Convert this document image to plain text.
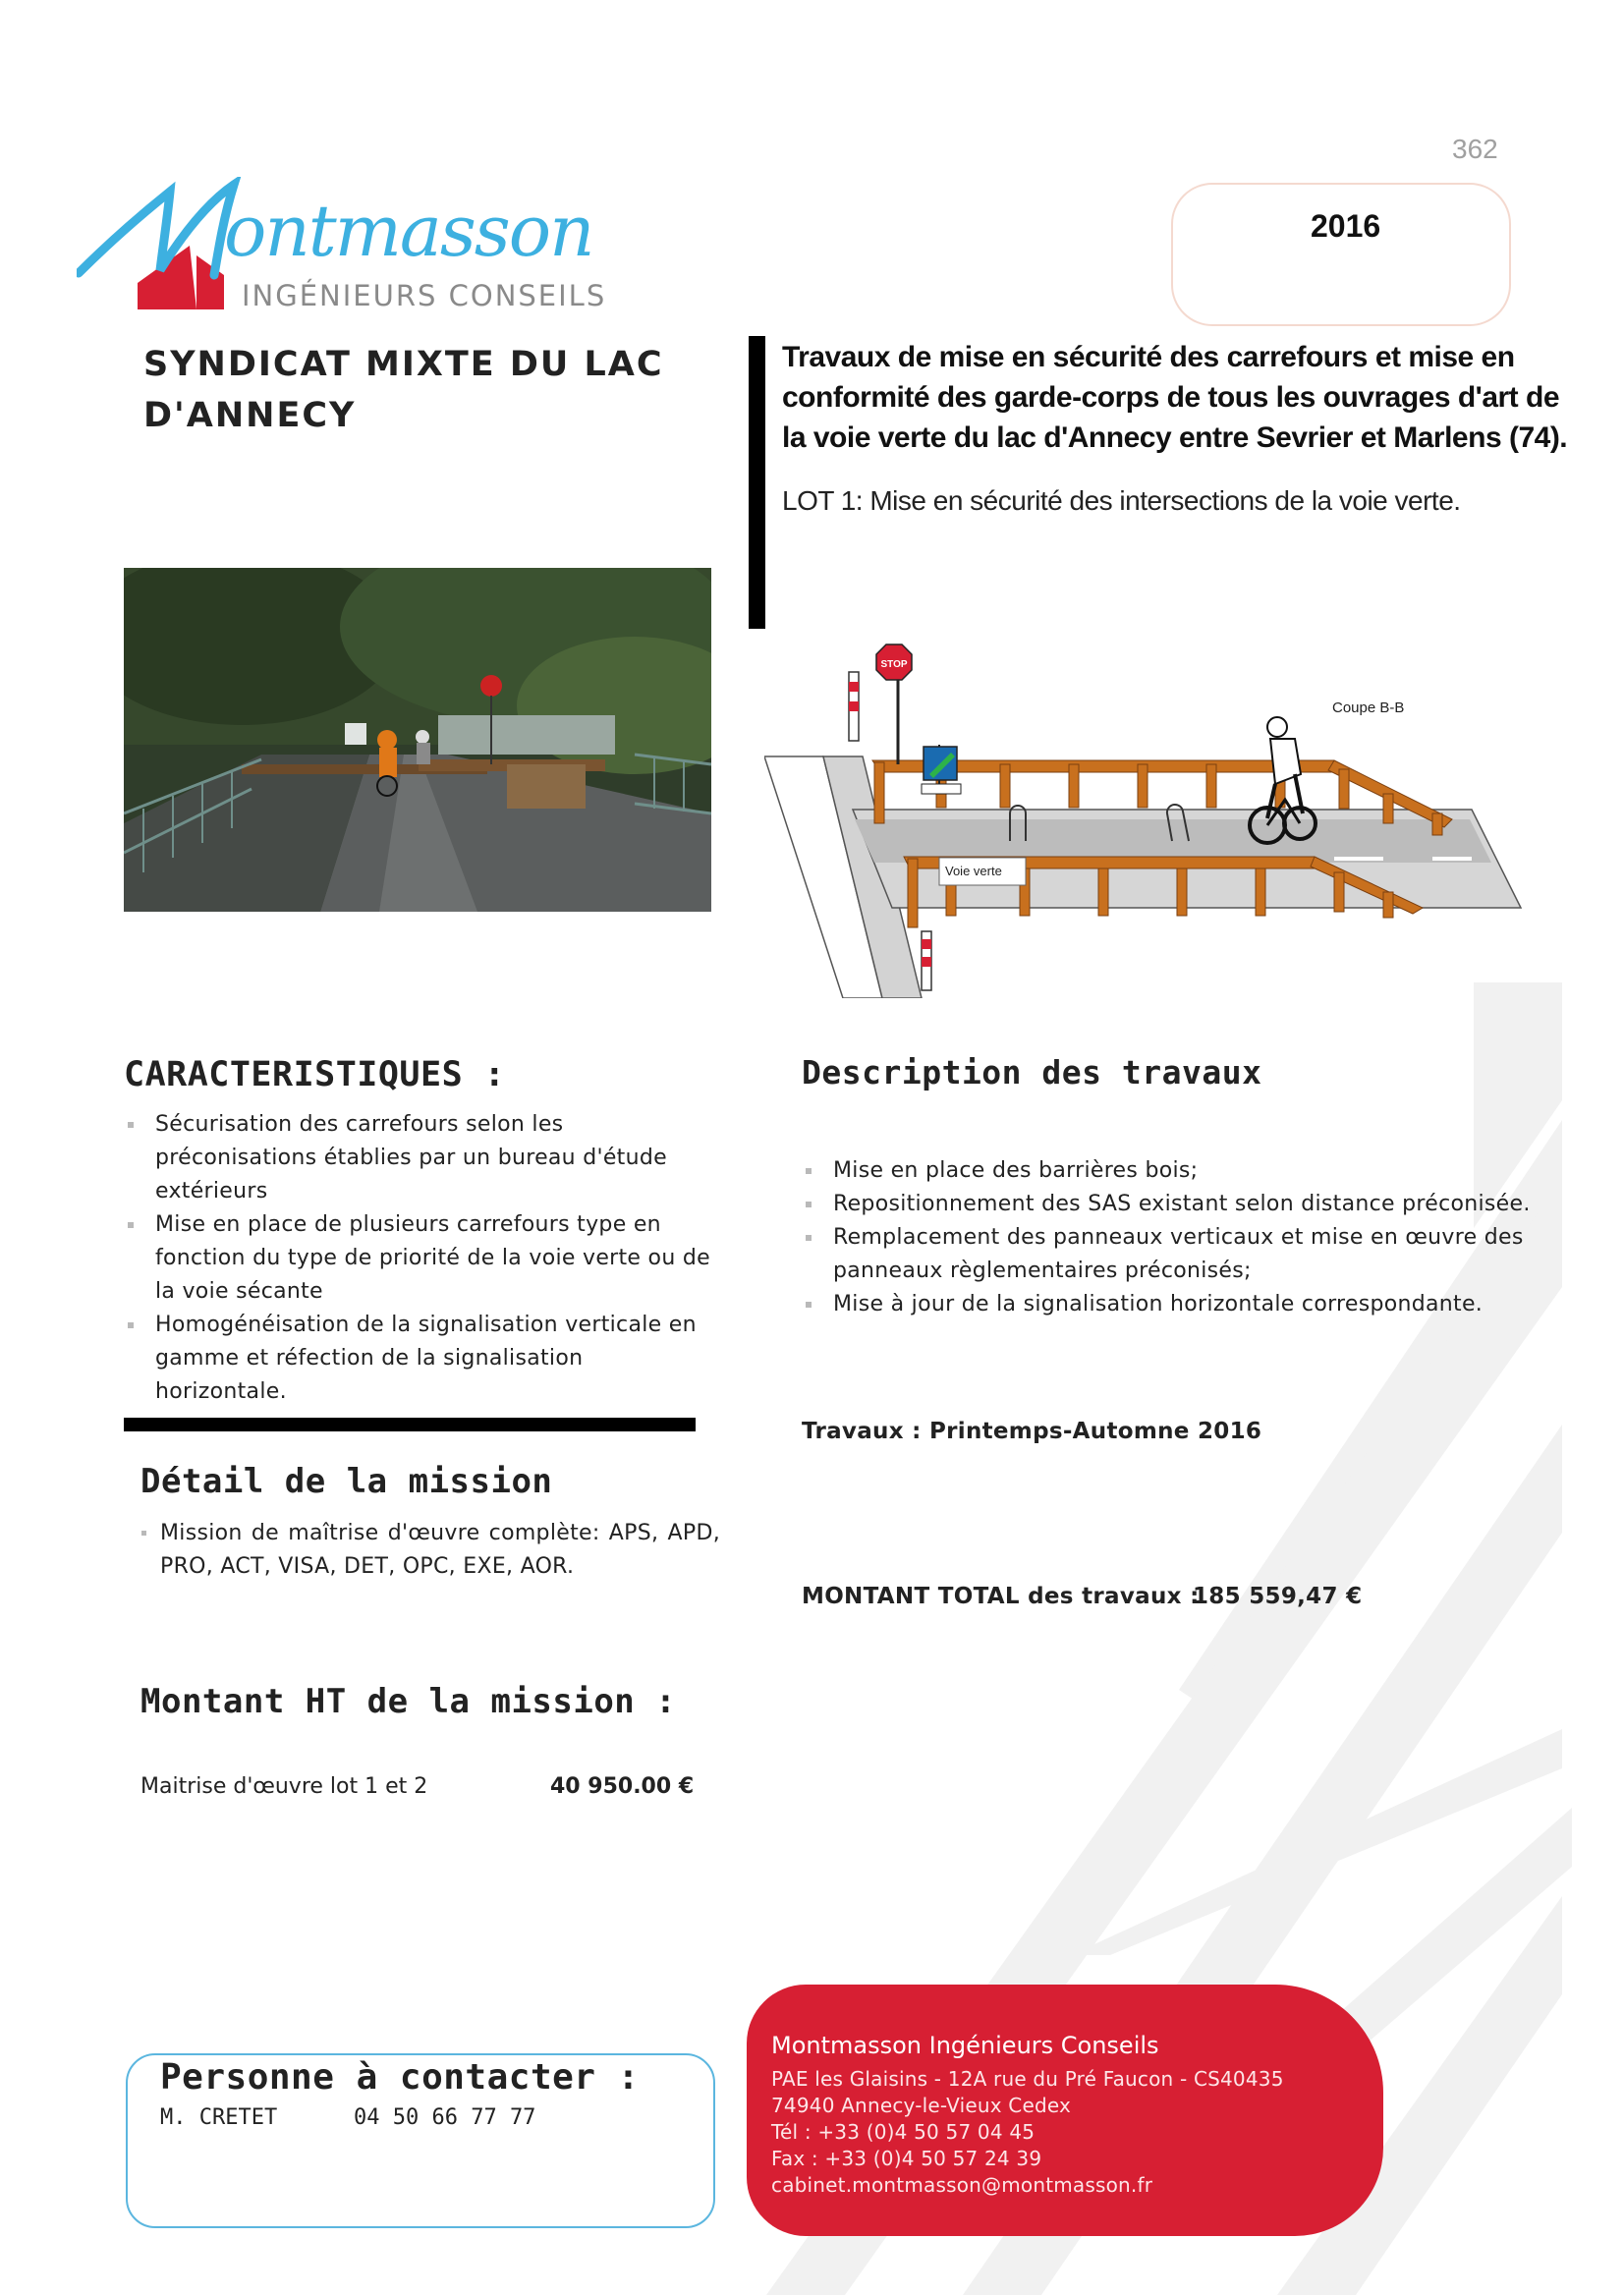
362
ontmasson
INGÉNIEURS CONSEILS
2016
SYNDICAT MIXTE DU LAC D'ANNECY
Travaux de mise en sécurité des carrefours et mise en conformité des garde-corps de tous les ouvrages d'art de la voie verte du lac d'Annecy entre Sevrier et Marlens (74).
LOT 1: Mise en sécurité des intersections de la voie verte.
STOP
Voie verte
Coupe B-B
CARACTERISTIQUES :
Sécurisation des carrefours selon les préconisations établies par un bureau d'étude extérieurs
Mise en place de plusieurs carrefours type en fonction du type de priorité de la voie verte ou de la voie sécante
Homogénéisation de la signalisation verticale en gamme et réfection de la signalisation horizontale.
Description des travaux
Mise en place des barrières bois;
Repositionnement des SAS existant selon distance préconisée.
Remplacement des panneaux verticaux et mise en œuvre des panneaux règlementaires préconisés;
Mise à jour de la signalisation horizontale correspondante.
Travaux : Printemps-Automne 2016
Détail de la mission
Mission de maîtrise d'œuvre complète: APS, APD, PRO, ACT, VISA, DET, OPC, EXE, AOR.
MONTANT TOTAL des travaux :
185 559,47 €
Montant HT de la mission :
Maitrise d'œuvre lot 1 et 2	40 950.00 €
Personne à contacter :
M. CRETET	04 50 66 77 77
Montmasson Ingénieurs Conseils
PAE les Glaisins - 12A rue du Pré Faucon - CS40435
74940 Annecy-le-Vieux Cedex
Tél : +33 (0)4 50 57 04 45
Fax : +33 (0)4 50 57 24 39
cabinet.montmasson@montmasson.fr
